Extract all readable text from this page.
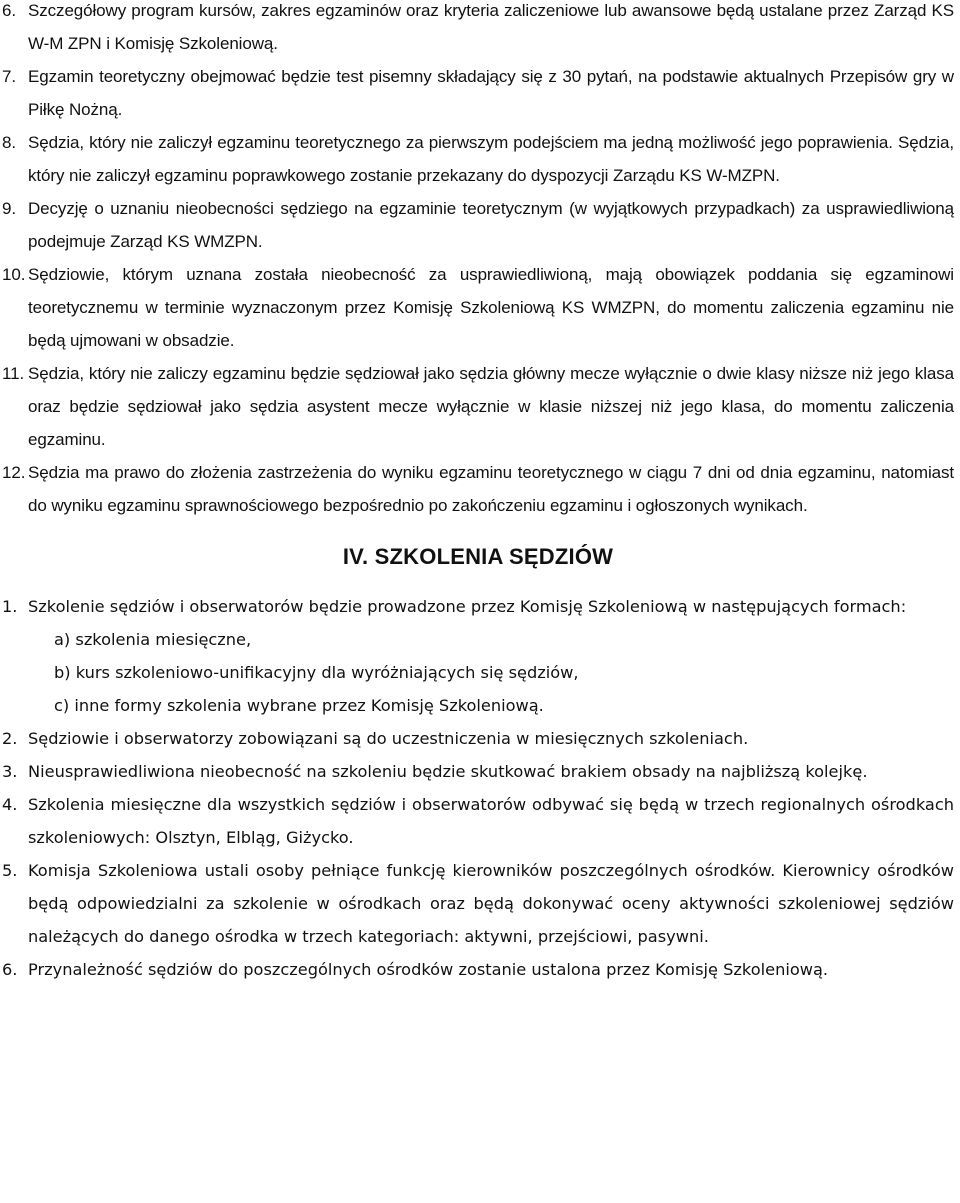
6. Szczegółowy program kursów, zakres egzaminów oraz kryteria zaliczeniowe lub awansowe będą ustalane przez Zarząd KS W-M ZPN i Komisję Szkoleniową.
7. Egzamin teoretyczny obejmować będzie test pisemny składający się z 30 pytań, na podstawie aktualnych Przepisów gry w Piłkę Nożną.
8. Sędzia, który nie zaliczył egzaminu teoretycznego za pierwszym podejściem ma jedną możliwość jego poprawienia. Sędzia, który nie zaliczył egzaminu poprawkowego zostanie przekazany do dyspozycji Zarządu KS W-MZPN.
9. Decyzję o uznaniu nieobecności sędziego na egzaminie teoretycznym (w wyjątkowych przypadkach) za usprawiedliwioną podejmuje Zarząd KS WMZPN.
10. Sędziowie, którym uznana została nieobecność za usprawiedliwioną, mają obowiązek poddania się egzaminowi teoretycznemu w terminie wyznaczonym przez Komisję Szkoleniową KS WMZPN, do momentu zaliczenia egzaminu nie będą ujmowani w obsadzie.
11. Sędzia, który nie zaliczy egzaminu będzie sędziował jako sędzia główny mecze wyłącznie o dwie klasy niższe niż jego klasa oraz będzie sędziował jako sędzia asystent mecze wyłącznie w klasie niższej niż jego klasa, do momentu zaliczenia egzaminu.
12. Sędzia ma prawo do złożenia zastrzeżenia do wyniku egzaminu teoretycznego w ciągu 7 dni od dnia egzaminu, natomiast do wyniku egzaminu sprawnościowego bezpośrednio po zakończeniu egzaminu i ogłoszonych wynikach.
IV. SZKOLENIA SĘDZIÓW
1. Szkolenie sędziów i obserwatorów będzie prowadzone przez Komisję Szkoleniową w następujących formach:
a) szkolenia miesięczne,
b) kurs szkoleniowo-unifikacyjny dla wyróżniających się sędziów,
c) inne formy szkolenia wybrane przez Komisję Szkoleniową.
2. Sędziowie i obserwatorzy zobowiązani są do uczestniczenia w miesięcznych szkoleniach.
3. Nieusprawiedliwiona nieobecność na szkoleniu będzie skutkować brakiem obsady na najbliższą kolejkę.
4. Szkolenia miesięczne dla wszystkich sędziów i obserwatorów odbywać się będą w trzech regionalnych ośrodkach szkoleniowych: Olsztyn, Elbląg, Giżycko.
5. Komisja Szkoleniowa ustali osoby pełniące funkcję kierowników poszczególnych ośrodków. Kierownicy ośrodków będą odpowiedzialni za szkolenie w ośrodkach oraz będą dokonywać oceny aktywności szkoleniowej sędziów należących do danego ośrodka w trzech kategoriach: aktywni, przejściowi, pasywni.
6. Przynależność sędziów do poszczególnych ośrodków zostanie ustalona przez Komisję Szkoleniową.
